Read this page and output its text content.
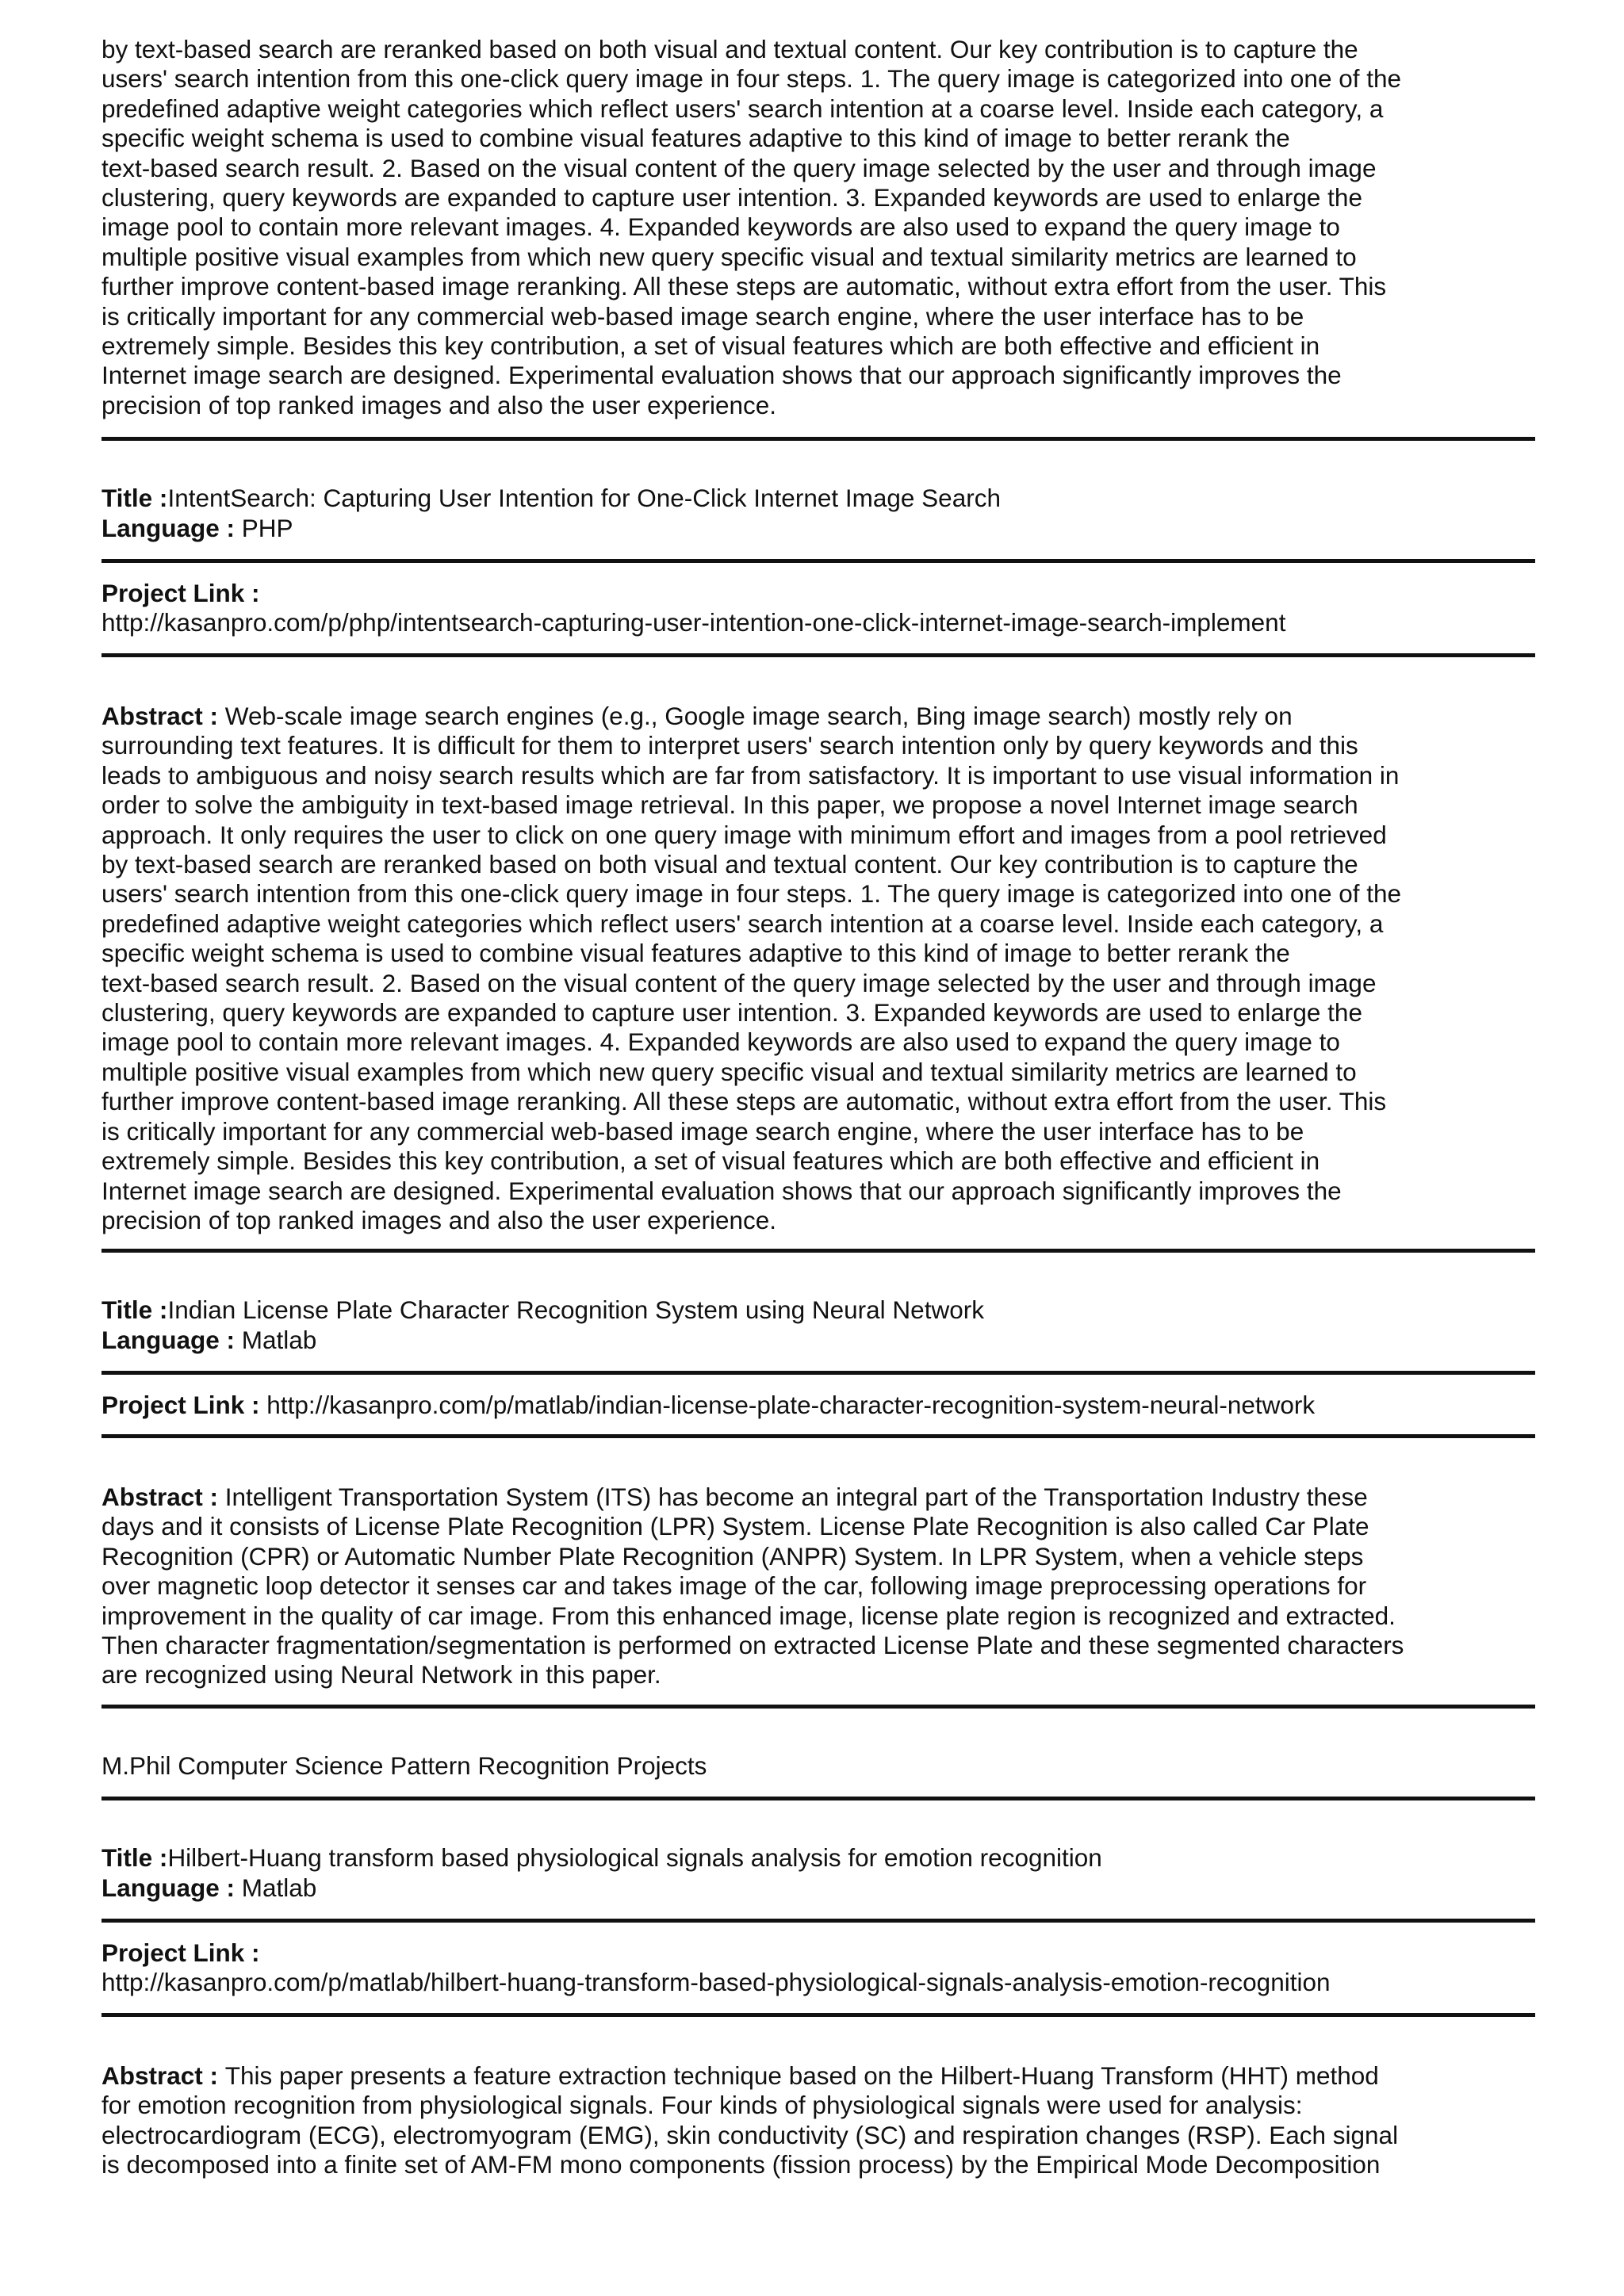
by text-based search are reranked based on both visual and textual content. Our key contribution is to capture the
users' search intention from this one-click query image in four steps. 1. The query image is categorized into one of the
predefined adaptive weight categories which reflect users' search intention at a coarse level. Inside each category, a
specific weight schema is used to combine visual features adaptive to this kind of image to better rerank the
text-based search result. 2. Based on the visual content of the query image selected by the user and through image
clustering, query keywords are expanded to capture user intention. 3. Expanded keywords are used to enlarge the
image pool to contain more relevant images. 4. Expanded keywords are also used to expand the query image to
multiple positive visual examples from which new query specific visual and textual similarity metrics are learned to
further improve content-based image reranking. All these steps are automatic, without extra effort from the user. This
is critically important for any commercial web-based image search engine, where the user interface has to be
extremely simple. Besides this key contribution, a set of visual features which are both effective and efficient in
Internet image search are designed. Experimental evaluation shows that our approach significantly improves the
precision of top ranked images and also the user experience.
Title :IntentSearch: Capturing User Intention for One-Click Internet Image Search
Language : PHP
Project Link :
http://kasanpro.com/p/php/intentsearch-capturing-user-intention-one-click-internet-image-search-implement
Abstract : Web-scale image search engines (e.g., Google image search, Bing image search) mostly rely on
surrounding text features. It is difficult for them to interpret users' search intention only by query keywords and this
leads to ambiguous and noisy search results which are far from satisfactory. It is important to use visual information in
order to solve the ambiguity in text-based image retrieval. In this paper, we propose a novel Internet image search
approach. It only requires the user to click on one query image with minimum effort and images from a pool retrieved
by text-based search are reranked based on both visual and textual content. Our key contribution is to capture the
users' search intention from this one-click query image in four steps. 1. The query image is categorized into one of the
predefined adaptive weight categories which reflect users' search intention at a coarse level. Inside each category, a
specific weight schema is used to combine visual features adaptive to this kind of image to better rerank the
text-based search result. 2. Based on the visual content of the query image selected by the user and through image
clustering, query keywords are expanded to capture user intention. 3. Expanded keywords are used to enlarge the
image pool to contain more relevant images. 4. Expanded keywords are also used to expand the query image to
multiple positive visual examples from which new query specific visual and textual similarity metrics are learned to
further improve content-based image reranking. All these steps are automatic, without extra effort from the user. This
is critically important for any commercial web-based image search engine, where the user interface has to be
extremely simple. Besides this key contribution, a set of visual features which are both effective and efficient in
Internet image search are designed. Experimental evaluation shows that our approach significantly improves the
precision of top ranked images and also the user experience.
Title :Indian License Plate Character Recognition System using Neural Network
Language : Matlab
Project Link : http://kasanpro.com/p/matlab/indian-license-plate-character-recognition-system-neural-network
Abstract : Intelligent Transportation System (ITS) has become an integral part of the Transportation Industry these
days and it consists of License Plate Recognition (LPR) System. License Plate Recognition is also called Car Plate
Recognition (CPR) or Automatic Number Plate Recognition (ANPR) System. In LPR System, when a vehicle steps
over magnetic loop detector it senses car and takes image of the car, following image preprocessing operations for
improvement in the quality of car image. From this enhanced image, license plate region is recognized and extracted.
Then character fragmentation/segmentation is performed on extracted License Plate and these segmented characters
are recognized using Neural Network in this paper.
M.Phil Computer Science Pattern Recognition Projects
Title :Hilbert-Huang transform based physiological signals analysis for emotion recognition
Language : Matlab
Project Link :
http://kasanpro.com/p/matlab/hilbert-huang-transform-based-physiological-signals-analysis-emotion-recognition
Abstract : This paper presents a feature extraction technique based on the Hilbert-Huang Transform (HHT) method
for emotion recognition from physiological signals. Four kinds of physiological signals were used for analysis:
electrocardiogram (ECG), electromyogram (EMG), skin conductivity (SC) and respiration changes (RSP). Each signal
is decomposed into a finite set of AM-FM mono components (fission process) by the Empirical Mode Decomposition
